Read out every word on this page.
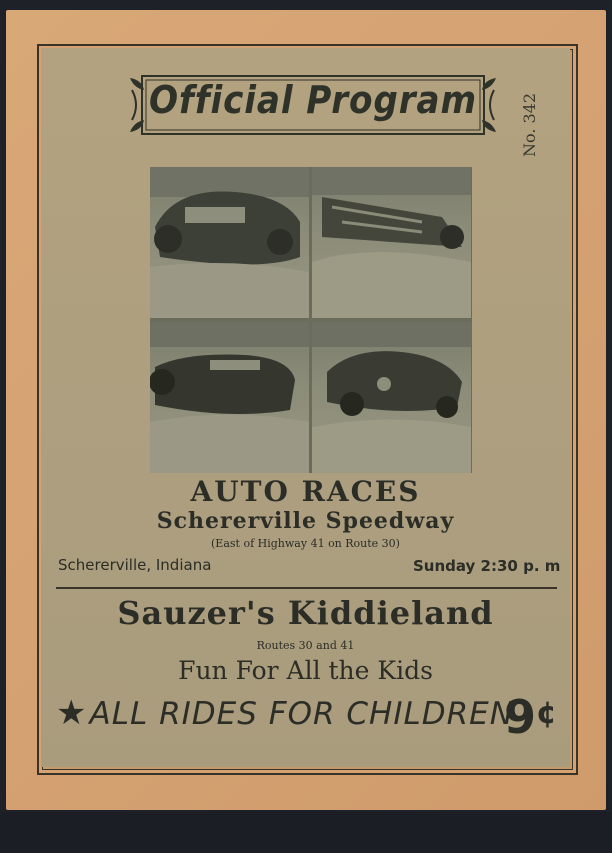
Official Program	No. 342
AUTO RACES
Schererville Speedway
(East of Highway 41 on Route 30)
Schererville, Indiana	Sunday 2:30 p. m
Sauzer's Kiddieland
Routes 30 and 41
Fun For All the Kids
★ALL RIDES FOR CHILDREN
9¢
